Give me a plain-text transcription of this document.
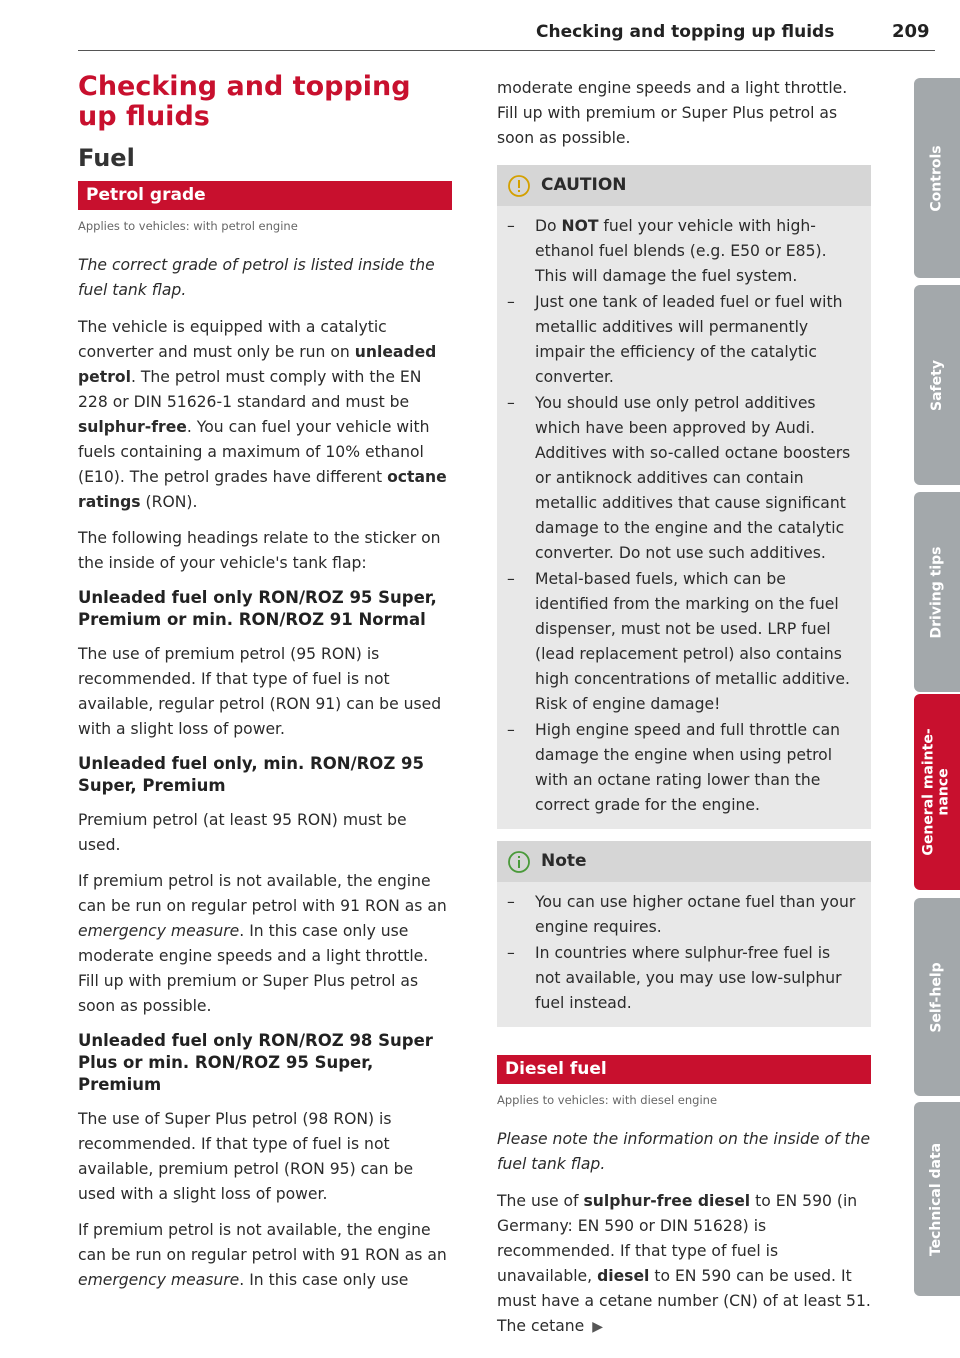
Checking and topping up fluids	209
Controls
Safety
Driving tips
General mainte-
nance
Self-help
Technical data
Checking and topping up fluids
Fuel
Petrol grade
Applies to vehicles: with petrol engine

The correct grade of petrol is listed inside the fuel tank flap.

The vehicle is equipped with a catalytic converter and must only be run on unleaded petrol. The petrol must comply with the EN 228 or DIN 51626-1 standard and must be sulphur-free. You can fuel your vehicle with fuels containing a maximum of 10% ethanol (E10). The petrol grades have different octane ratings (RON).

The following headings relate to the sticker on the inside of your vehicle's tank flap:

Unleaded fuel only RON/ROZ 95 Super, Premium or min. RON/ROZ 91 Normal

The use of premium petrol (95 RON) is recommended. If that type of fuel is not available, regular petrol (RON 91) can be used with a slight loss of power.

Unleaded fuel only, min. RON/ROZ 95 Super, Premium

Premium petrol (at least 95 RON) must be used.

If premium petrol is not available, the engine can be run on regular petrol with 91 RON as an emergency measure. In this case only use moderate engine speeds and a light throttle. Fill up with premium or Super Plus petrol as soon as possible.

Unleaded fuel only RON/ROZ 98 Super Plus or min. RON/ROZ 95 Super, Premium

The use of Super Plus petrol (98 RON) is recommended. If that type of fuel is not available, premium petrol (RON 95) can be used with a slight loss of power.

If premium petrol is not available, the engine can be run on regular petrol with 91 RON as an emergency measure. In this case only use

moderate engine speeds and a light throttle. Fill up with premium or Super Plus petrol as soon as possible.

CAUTION
– Do NOT fuel your vehicle with high-ethanol fuel blends (e.g. E50 or E85). This will damage the fuel system.
– Just one tank of leaded fuel or fuel with metallic additives will permanently impair the efficiency of the catalytic converter.
– You should use only petrol additives which have been approved by Audi. Additives with so-called octane boosters or antiknock additives can contain metallic additives that cause significant damage to the engine and the catalytic converter. Do not use such additives.
– Metal-based fuels, which can be identified from the marking on the fuel dispenser, must not be used. LRP fuel (lead replacement petrol) also contains high concentrations of metallic additive. Risk of engine damage!
– High engine speed and full throttle can damage the engine when using petrol with an octane rating lower than the correct grade for the engine.
Note
– You can use higher octane fuel than your engine requires.
– In countries where sulphur-free fuel is not available, you may use low-sulphur fuel instead.
Diesel fuel
Applies to vehicles: with diesel engine

Please note the information on the inside of the fuel tank flap.

The use of sulphur-free diesel to EN 590 (in Germany: EN 590 or DIN 51628) is recommended. If that type of fuel is unavailable, diesel to EN 590 can be used. It must have a cetane number (CN) of at least 51. The cetane ▶
